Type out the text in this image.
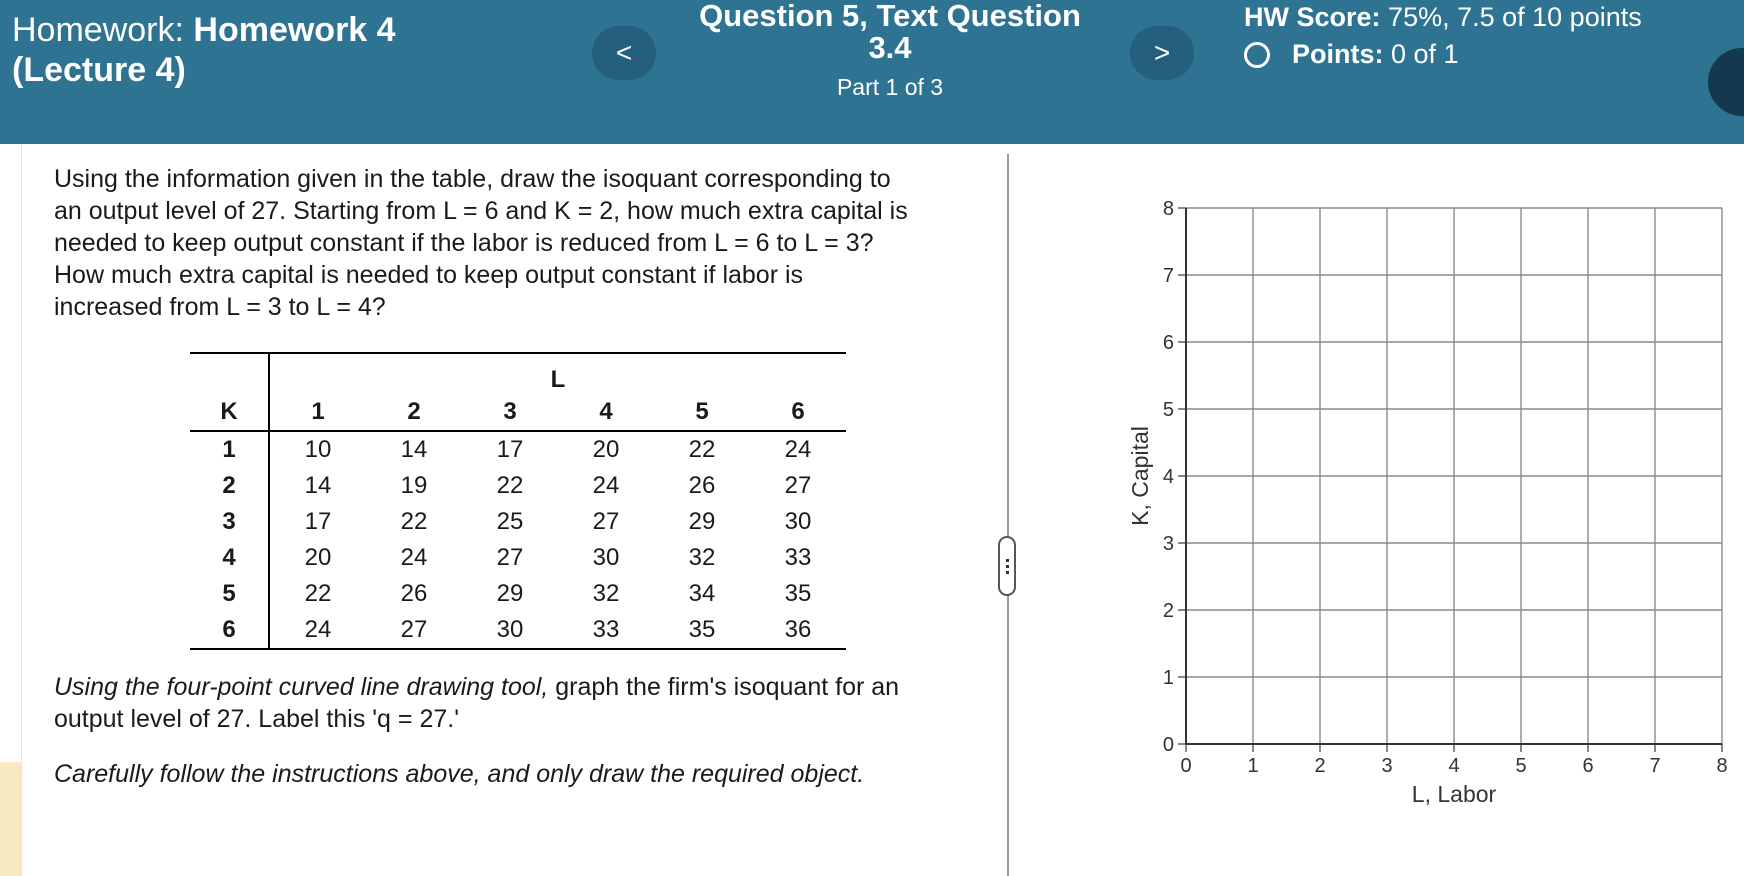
Homework: Homework 4
(Lecture 4)	<
Question 5, Text Question 3.4
Part 1 of 3
>
HW Score: 75%, 7.5 of 10 points
Points:
0 of 1
Using the information given in the table, draw the isoquant corresponding to
an output level of 27. Starting from L = 6 and K = 2, how much extra capital is
needed to keep output constant if the labor is reduced from L = 6 to L = 3?
How much extra capital is needed to keep output constant if labor is
increased from L = 3 to L = 4?
	L					
K	1	2	3	4	5	6
1	10	14	17	20	22	24
2	14	19	22	24	26	27
3	17	22	25	27	29	30
4	20	24	27	30	32	33
5	22	26	29	32	34	35
6	24	27	30	33	35	36
Using the four-point curved line drawing tool, graph the firm's isoquant for an output level of 27. Label this 'q = 27.'
Carefully follow the instructions above, and only draw the required object.	0	1	2	3	4	5	6	7	8
0
1
2
3
4
5
6
7
8
L, Labor
K, Capital
